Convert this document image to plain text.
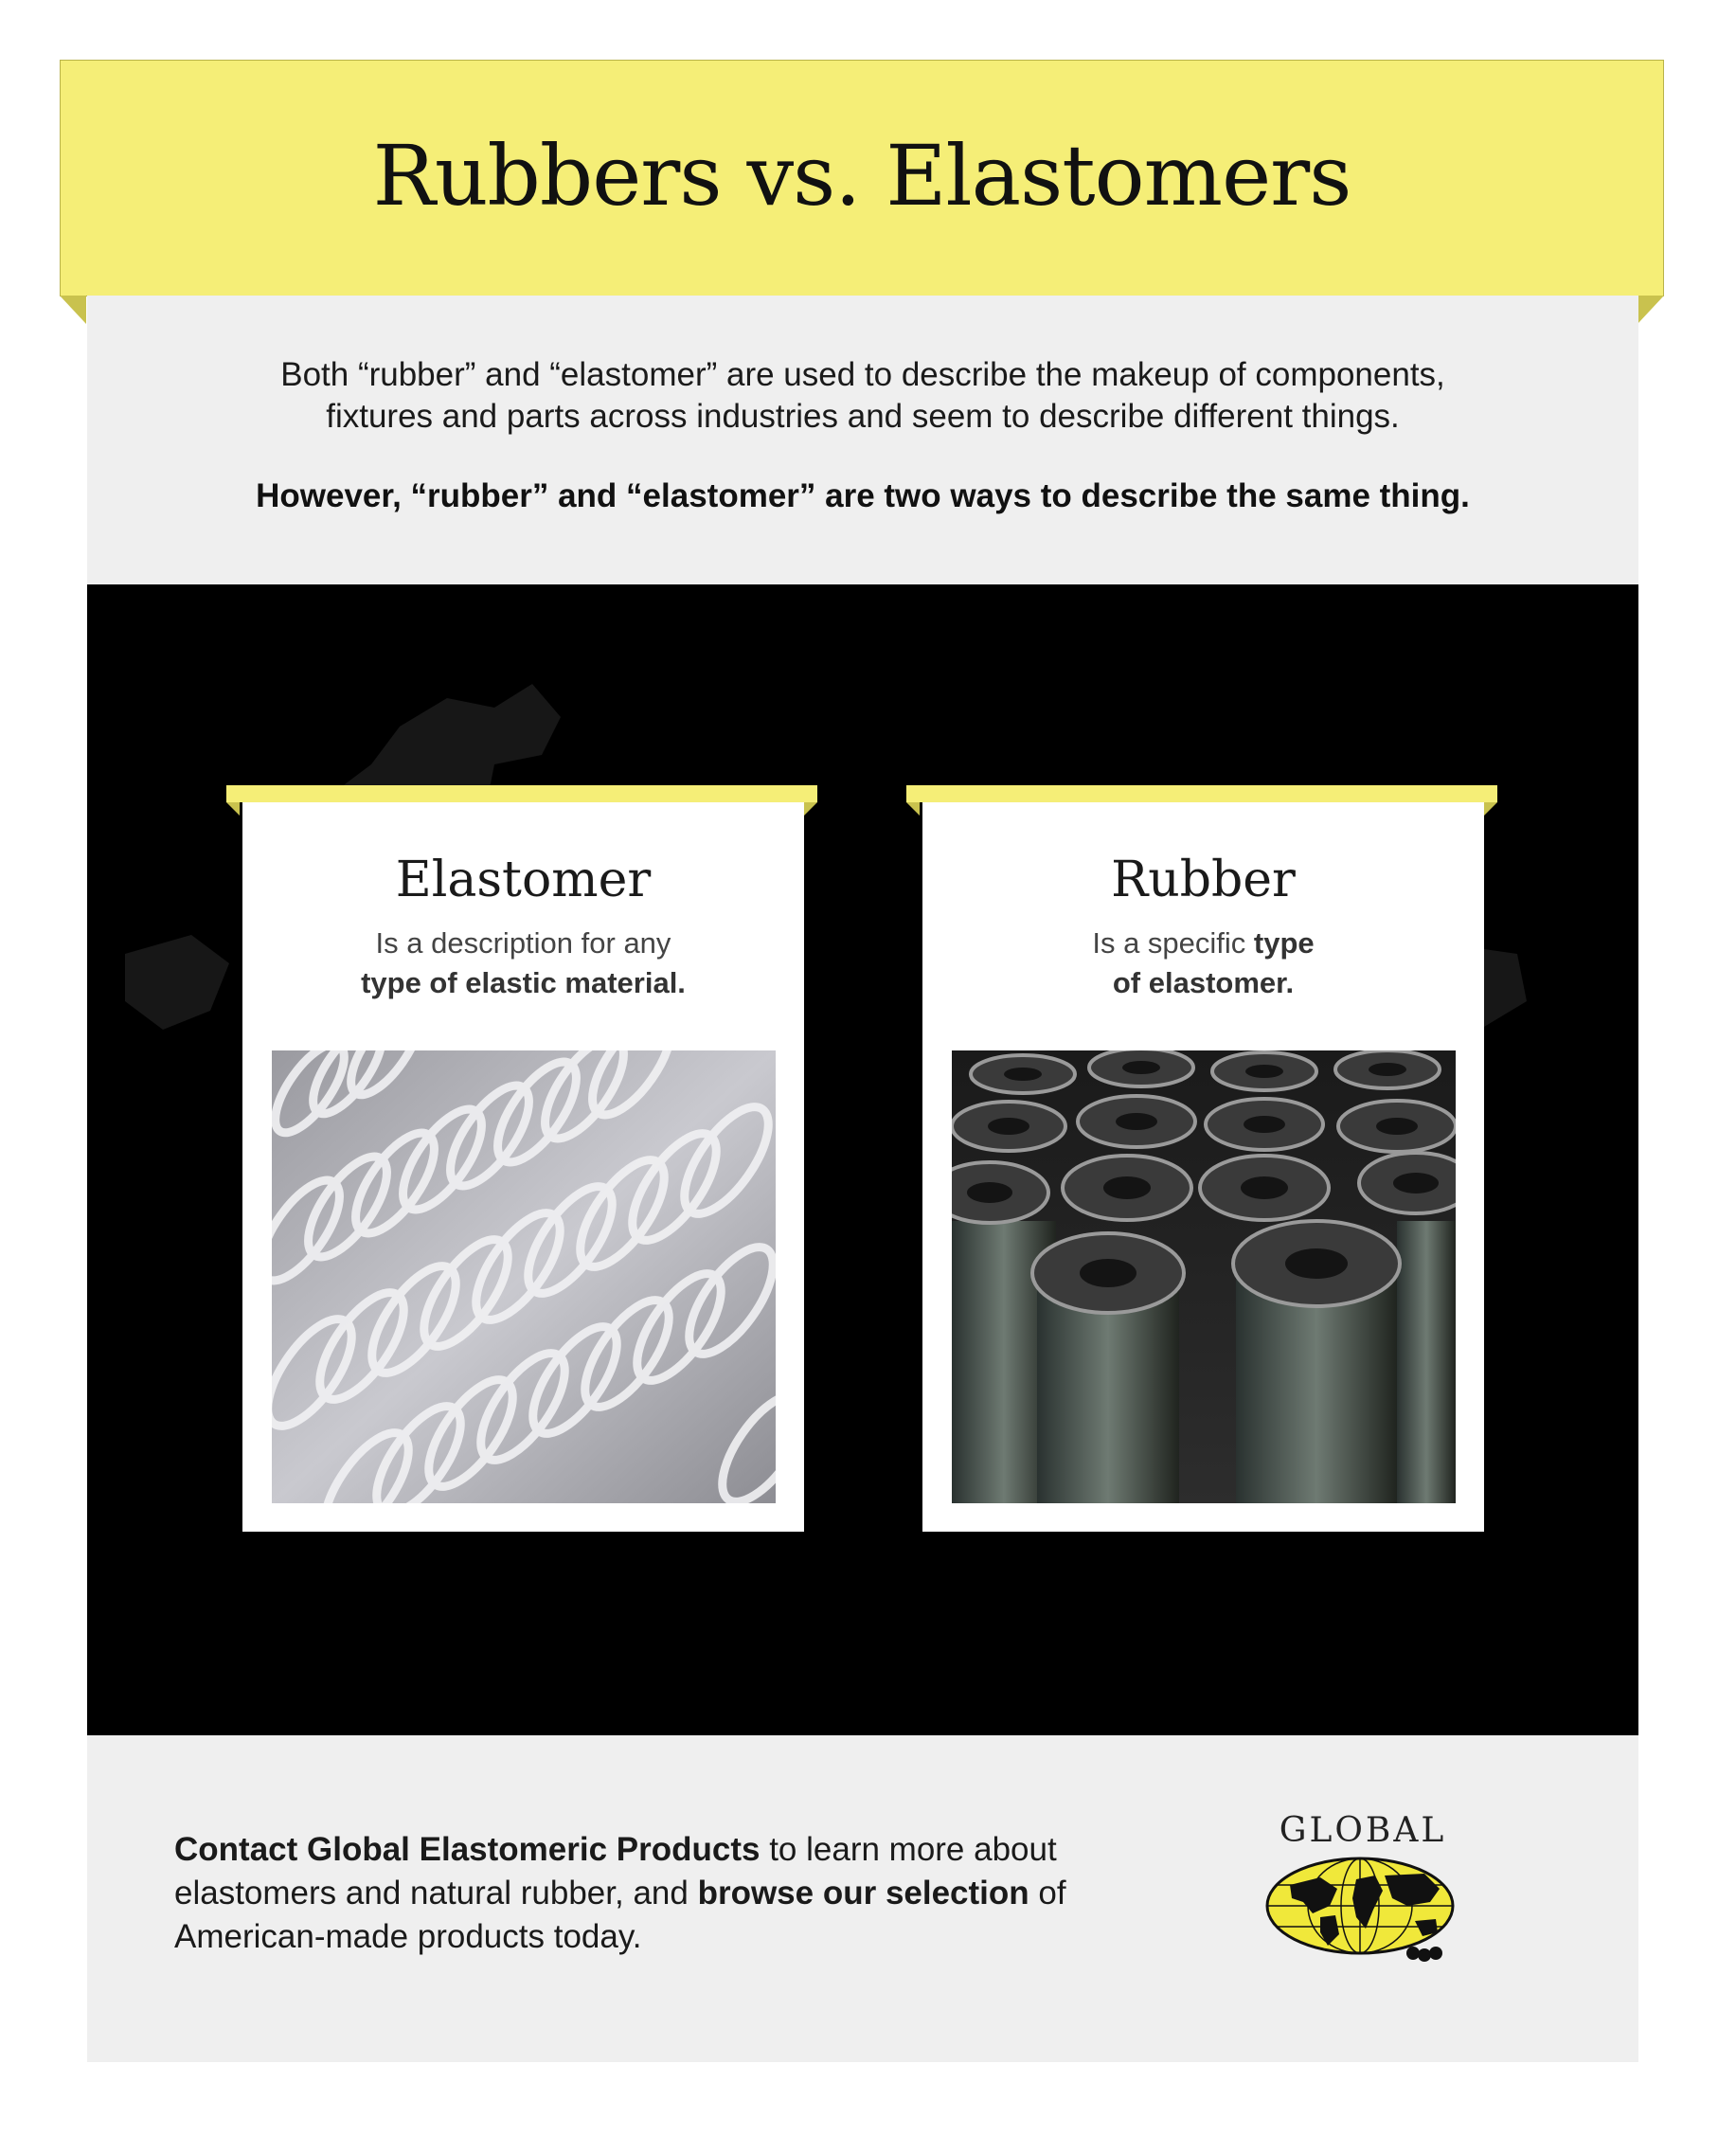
Rubbers vs. Elastomers

Both “rubber” and “elastomer” are used to describe the makeup of components,

fixtures and parts across industries and seem to describe different things.

However, “rubber” and “elastomer” are two ways to describe the same thing.

Elastomer
Is a description for any
type of elastic material.
Rubber
Is a specific type
of elastomer.
Contact Global Elastomeric Products to learn more about elastomers and natural rubber, and browse our selection of American-made products today.
GLOBAL
